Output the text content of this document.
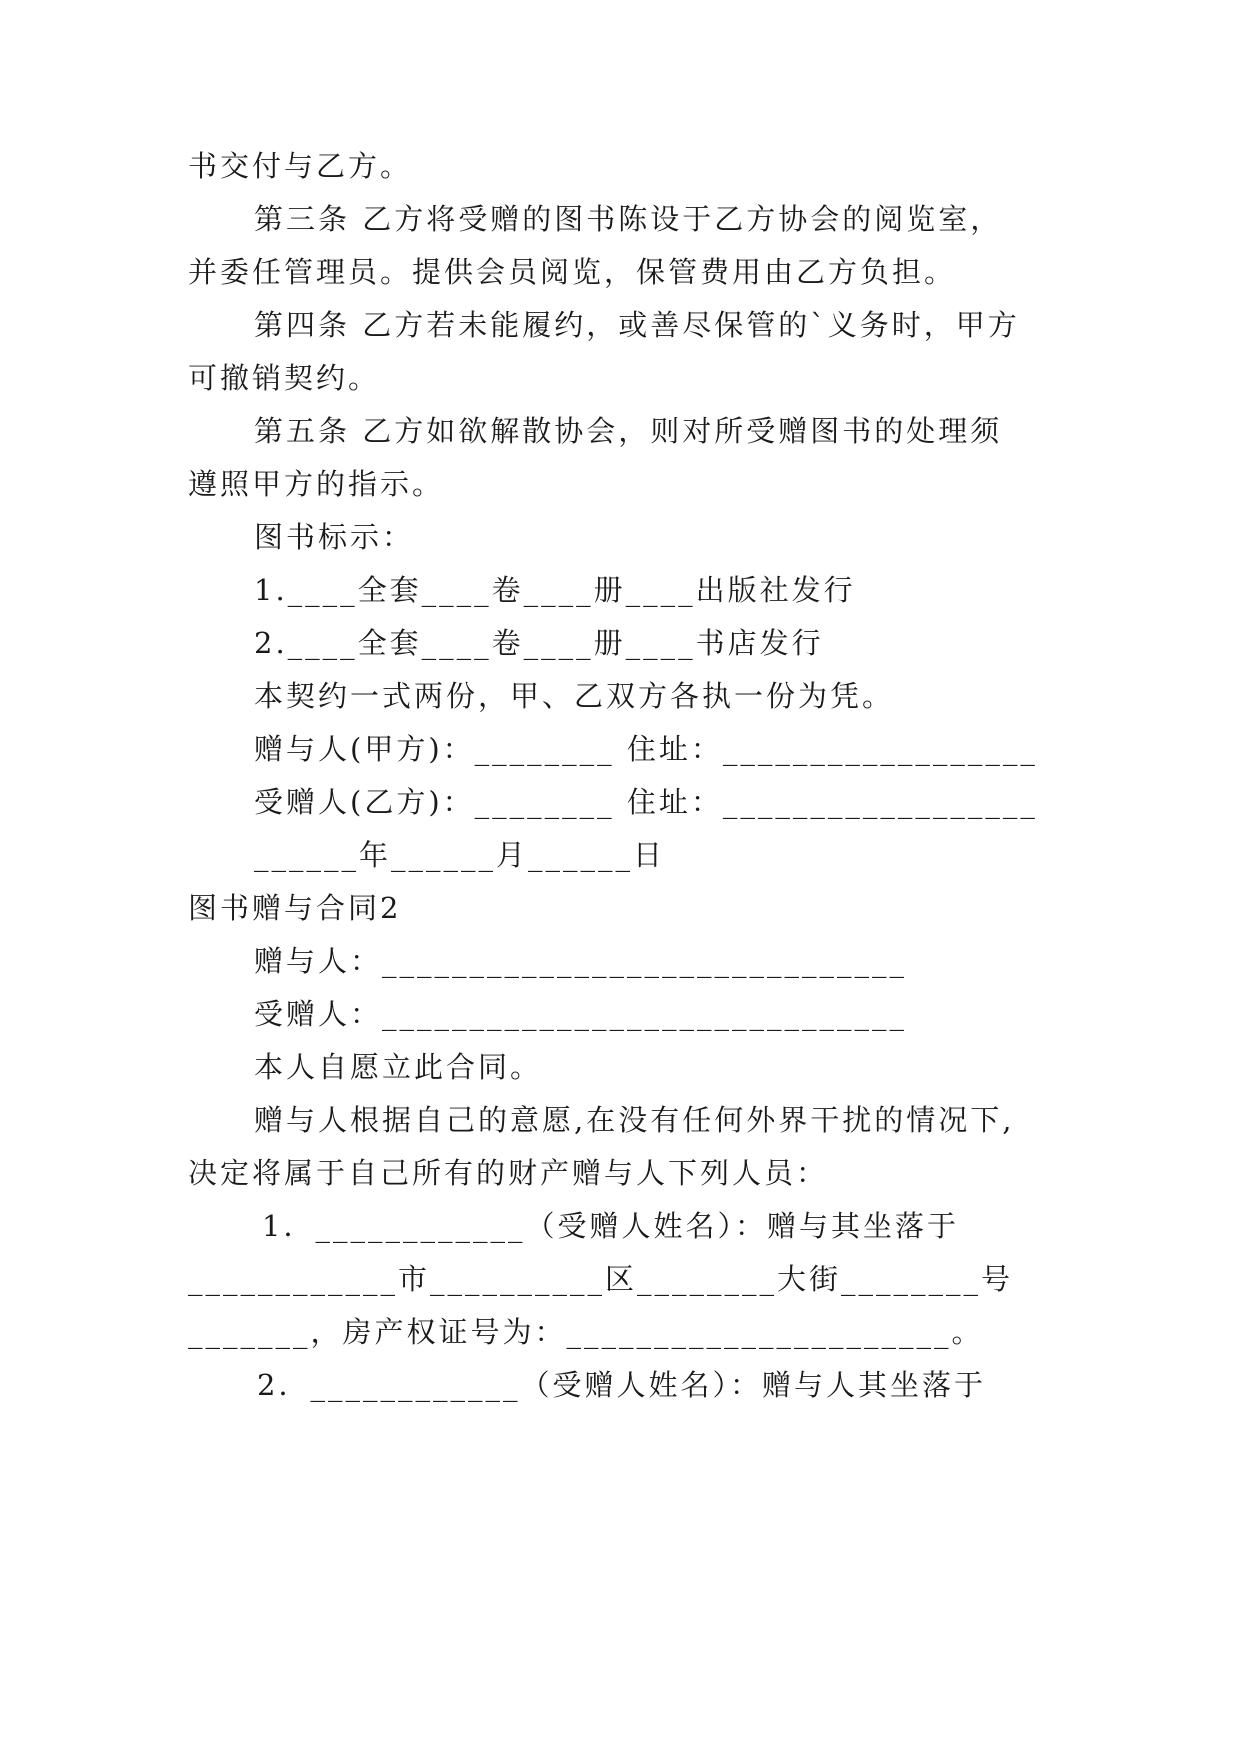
书交付与乙方。
第三条 乙方将受赠的图书陈设于乙方协会的阅览室，
并委任管理员。提供会员阅览，保管费用由乙方负担。
第四条 乙方若未能履约，或善尽保管的`义务时，甲方
可撤销契约。
第五条 乙方如欲解散协会，则对所受赠图书的处理须
遵照甲方的指示。
图书标示：
1.____全套____卷____册____出版社发行
2.____全套____卷____册____书店发行
本契约一式两份，甲、乙双方各执一份为凭。
赠与人(甲方)：________ 住址：__________________
受赠人(乙方)：________ 住址：__________________
______年______月______日
图书赠与合同2
赠与人：______________________________
受赠人：______________________________
本人自愿立此合同。
赠与人根据自己的意愿,在没有任何外界干扰的情况下,
决定将属于自己所有的财产赠与人下列人员：
1．____________（受赠人姓名）：赠与其坐落于
____________市__________区________大街________号
_______，房产权证号为：______________________。
2．____________（受赠人姓名）：赠与人其坐落于
